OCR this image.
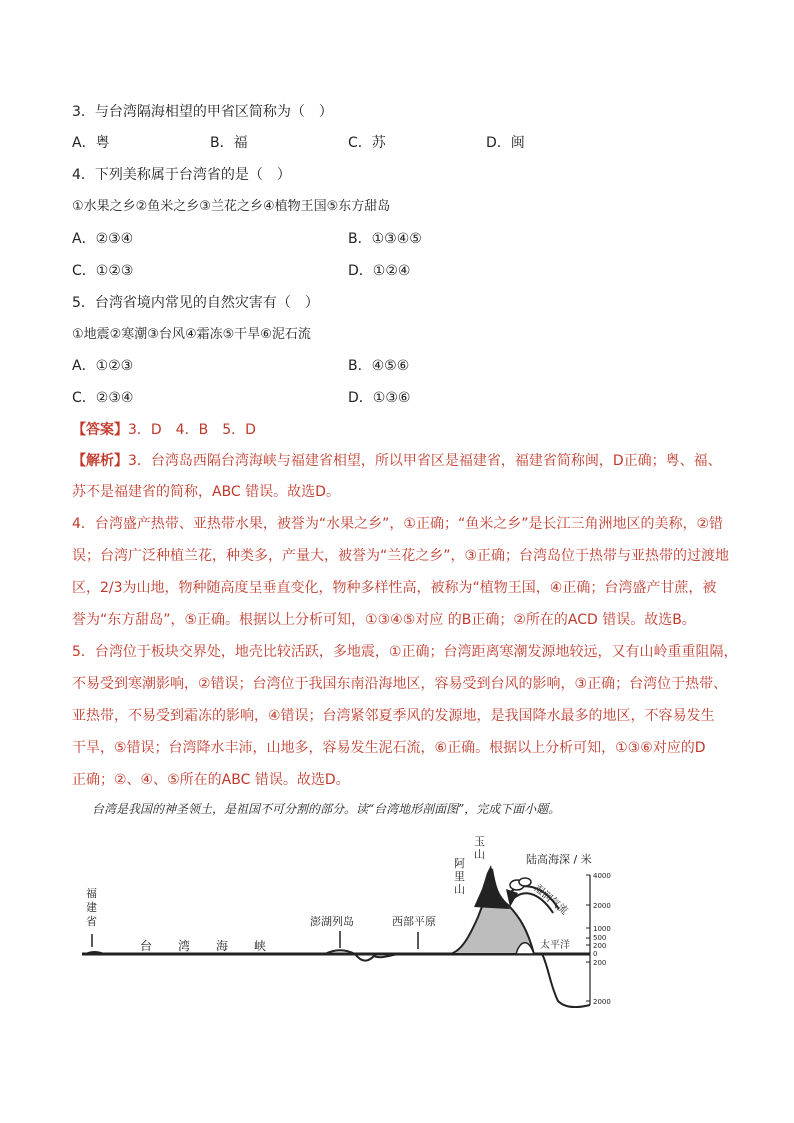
3．与台湾隔海相望的甲省区简称为（　）
A．粤	B．福	C．苏	D．闽
4．下列美称属于台湾省的是（　）
①水果之乡②鱼米之乡③兰花之乡④植物王国⑤东方甜岛
A．②③④	B．①③④⑤
C．①②③	D．①②④
5．台湾省境内常见的自然灾害有（　）
①地震②寒潮③台风④霜冻⑤干旱⑥泥石流
A．①②③	B．④⑤⑥
C．②③④	D．①③⑥
【答案】3．D　4．B　5．D
【解析】3．台湾岛西隔台湾海峡与福建省相望，所以甲省区是福建省，福建省简称闽，D正确；粤、福、
苏不是福建省的简称，ABC 错误。故选D。
4．台湾盛产热带、亚热带水果，被誉为“水果之乡”，①正确；“鱼米之乡”是长江三角洲地区的美称，②错
误；台湾广泛种植兰花，种类多，产量大，被誉为“兰花之乡”，③正确；台湾岛位于热带与亚热带的过渡地
区，2/3为山地，物种随高度呈垂直变化，物种多样性高，被称为“植物王国，④正确；台湾盛产甘蔗，被
誉为“东方甜岛”，⑤正确。根据以上分析可知，①③④⑤对应 的B正确；②所在的ACD 错误。故选B。
5．台湾位于板块交界处，地壳比较活跃，多地震，①正确；台湾距离寒潮发源地较远，又有山岭重重阻隔，
不易受到寒潮影响，②错误；台湾位于我国东南沿海地区，容易受到台风的影响，③正确；台湾位于热带、
亚热带，不易受到霜冻的影响，④错误；台湾紧邻夏季风的发源地，是我国降水最多的地区，不容易发生
干旱，⑤错误；台湾降水丰沛，山地多，容易发生泥石流，⑥正确。根据以上分析可知，①③⑥对应的D
正确；②、④、⑤所在的ABC 错误。故选D。
台湾是我国的神圣领土，是祖国不可分割的部分。读“台湾地形剖面图”，完成下面小题。
福
建
省
台 湾 海 峡
澎湖列岛	西部平原
阿
里
山
玉
山
湿润气流
太平洋
陆高海深 / 米
4000
2000
1000
500
200
0
200
2000
